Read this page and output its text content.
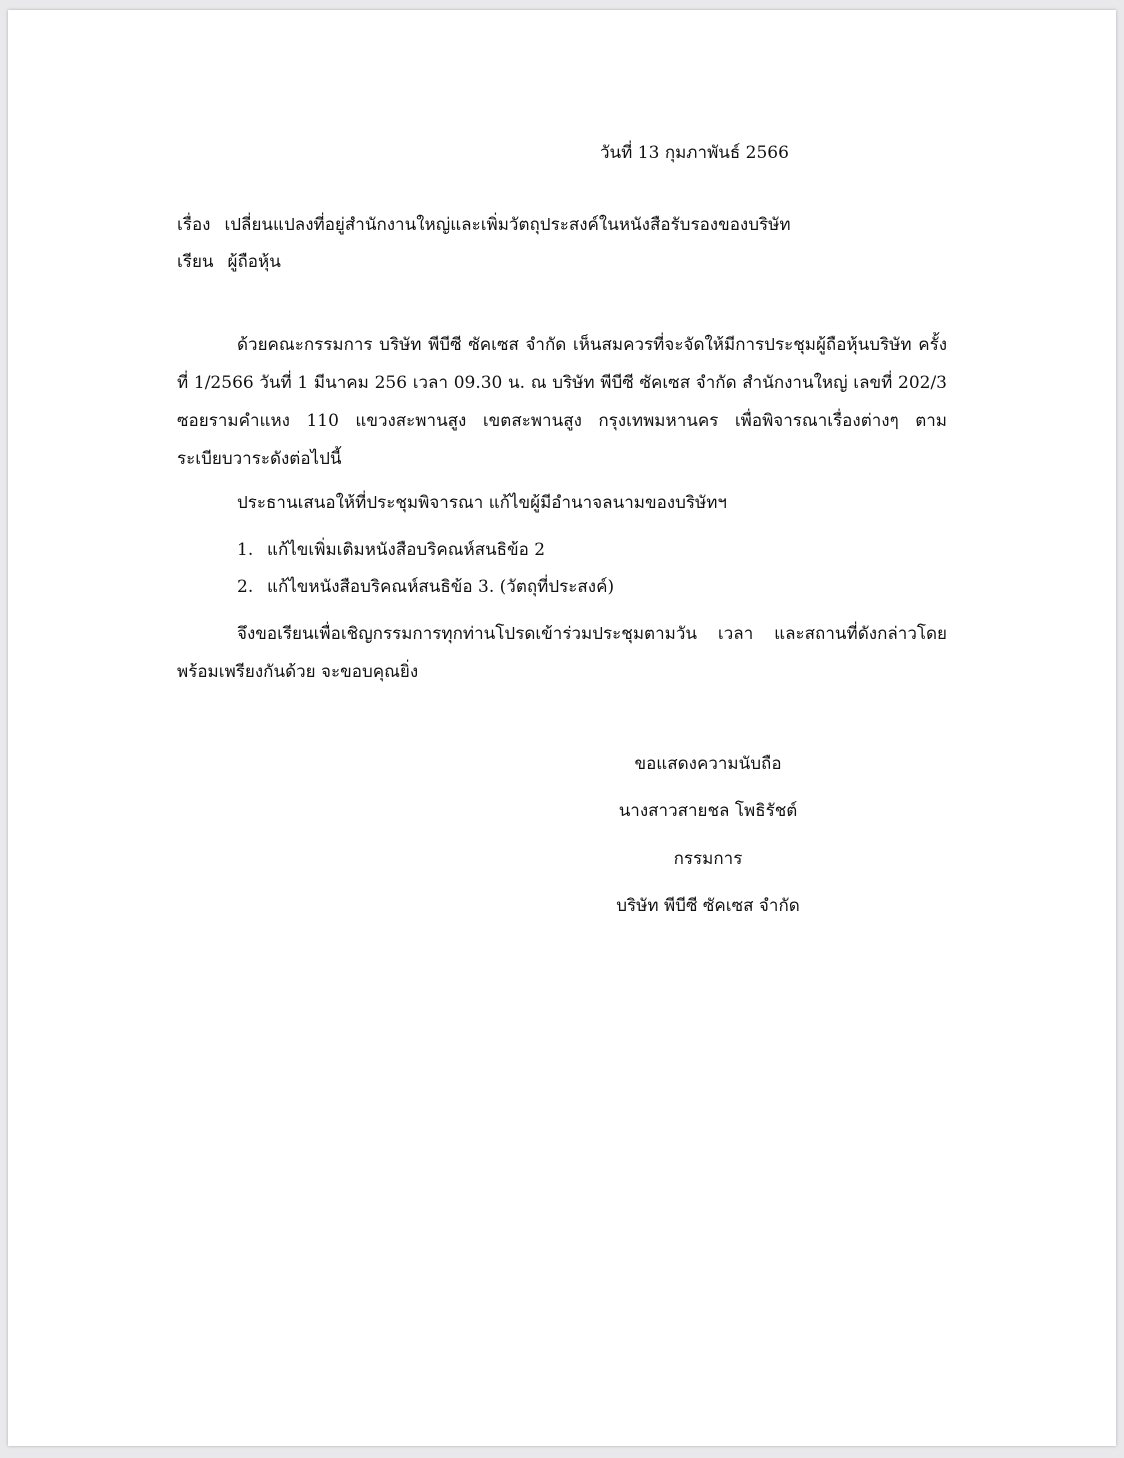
วันที่ 13 กุมภาพันธ์ 2566
เรื่อง เปลี่ยนแปลงที่อยู่สำนักงานใหญ่และเพิ่มวัตถุประสงค์ในหนังสือรับรองของบริษัท
เรียน ผู้ถือหุ้น
ด้วยคณะกรรมการ บริษัท พีบีซี ซัคเซส จำกัด เห็นสมควรที่จะจัดให้มีการประชุมผู้ถือหุ้นบริษัท ครั้งที่ 1/2566 วันที่ 1 มีนาคม 256 เวลา 09.30 น. ณ บริษัท พีบีซี ซัคเซส จำกัด สำนักงานใหญ่ เลขที่ 202/3 ซอยรามคำแหง 110 แขวงสะพานสูง เขตสะพานสูง กรุงเทพมหานคร เพื่อพิจารณาเรื่องต่างๆ ตามระเบียบวาระดังต่อไปนี้
ประธานเสนอให้ที่ประชุมพิจารณา แก้ไขผู้มีอำนาจลนามของบริษัทฯ
1. แก้ไขเพิ่มเติมหนังสือบริคณห์สนธิข้อ 2
2. แก้ไขหนังสือบริคณห์สนธิข้อ 3. (วัตถุที่ประสงค์)
จึงขอเรียนเพื่อเชิญกรรมการทุกท่านโปรดเข้าร่วมประชุมตามวัน เวลา และสถานที่ดังกล่าวโดยพร้อมเพรียงกันด้วย จะขอบคุณยิ่ง
ขอแสดงความนับถือ
นางสาวสายชล โพธิรัชต์
กรรมการ
บริษัท พีบีซี ซัคเซส จำกัด
